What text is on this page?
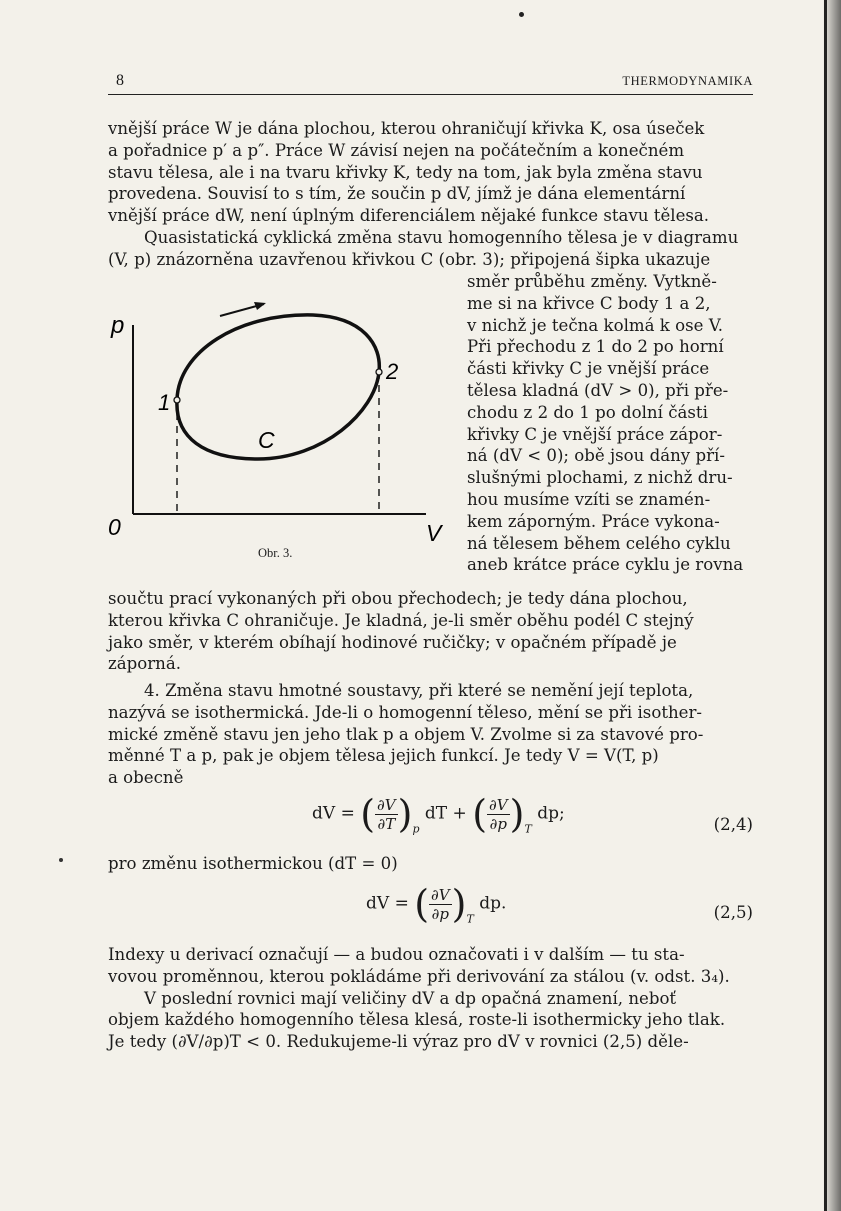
8	THERMODYNAMIKA

vnější práce W je dána plochou, kterou ohraničují křivka K, osa úseček

a pořadnice p′ a p″. Práce W závisí nejen na počátečním a konečném

stavu tělesa, ale i na tvaru křivky K, tedy na tom, jak byla změna stavu

provedena. Souvisí to s tím, že součin p dV, jímž je dána elementární

vnější práce dW, není úplným diferenciálem nějaké funkce stavu tělesa.

Quasistatická cyklická změna stavu homogenního tělesa je v diagramu

(V, p) znázorněna uzavřenou křivkou C (obr. 3); připojená šipka ukazuje

p
0	V
1
2
C
Obr. 3.

směr průběhu změny. Vytkně-

me si na křivce C body 1 a 2,

v nichž je tečna kolmá k ose V.

Při přechodu z 1 do 2 po horní

části křivky C je vnější práce

tělesa kladná (dV > 0), při pře-

chodu z 2 do 1 po dolní části

křivky C je vnější práce zápor-

ná (dV < 0); obě jsou dány pří-

slušnými plochami, z nichž dru-

hou musíme vzíti se znamén-

kem záporným. Práce vykona-

ná tělesem během celého cyklu

aneb krátce práce cyklu je rovna

součtu prací vykonaných při obou přechodech; je tedy dána plochou,

kterou křivka C ohraničuje. Je kladná, je-li směr oběhu podél C stejný

jako směr, v kterém obíhají hodinové ručičky; v opačném případě je

záporná.

4. Změna stavu hmotné soustavy, při které se nemění její teplota,

nazývá se isothermická. Jde-li o homogenní těleso, mění se při isother-

mické změně stavu jen jeho tlak p a objem V. Zvolme si za stavové pro-

měnné T a p, pak je objem tělesa jejich funkcí. Je tedy V = V(T, p)

a obecně

dV = ( $\frac{\partial V}{\partial T} )_p$ dT + ( $\frac{\partial V}{\partial p} )_T$ dp;
(2,4)

pro změnu isothermickou (dT = 0)

dV = ( $\frac{\partial V}{\partial p} )_T$ dp.	(2,5)

Indexy u derivací označují — a budou označovati i v dalším — tu sta-

vovou proměnnou, kterou pokládáme při derivování za stálou (v. odst. 3₄).

V poslední rovnici mají veličiny dV a dp opačná znamení, neboť

objem každého homogenního tělesa klesá, roste-li isothermicky jeho tlak.

Je tedy (∂V/∂p)T < 0. Redukujeme-li výraz pro dV v rovnici (2,5) děle-
